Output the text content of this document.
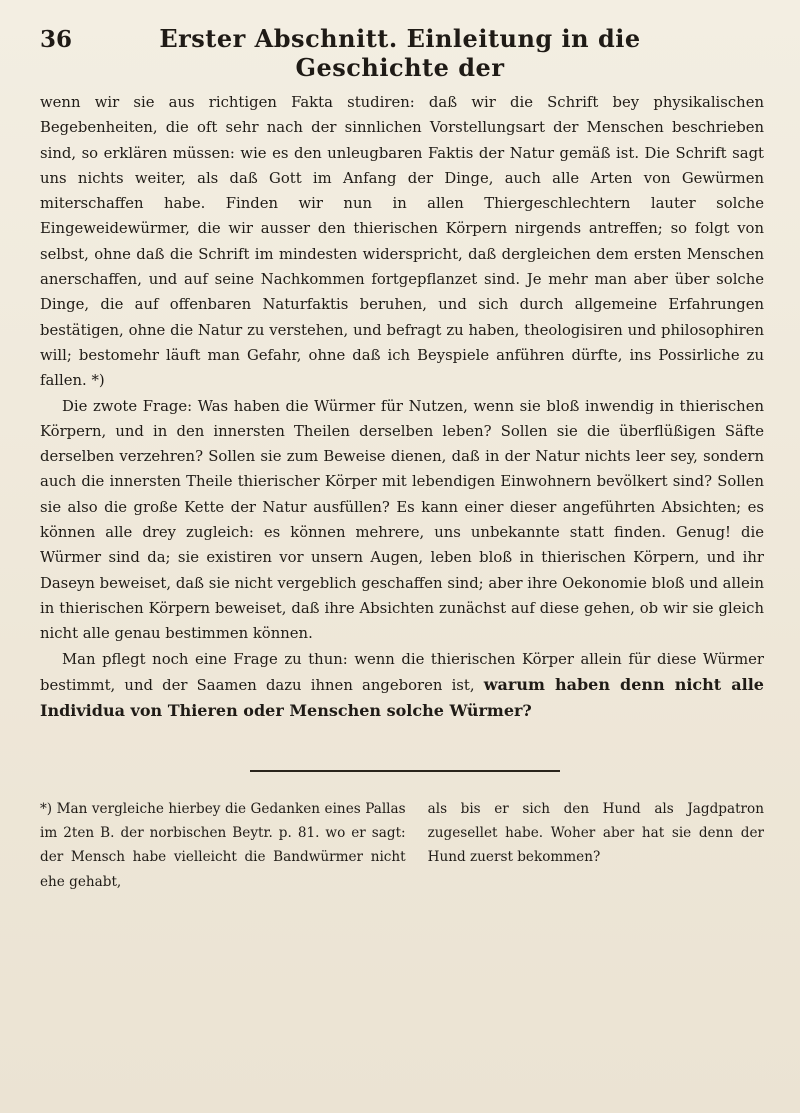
36	Erster Abschnitt. Einleitung in die Geschichte der

wenn wir sie aus richtigen Fakta studiren: daß wir die Schrift bey physikalischen Begebenheiten, die oft sehr nach der sinnlichen Vorstellungsart der Menschen beschrieben sind, so erklären müssen: wie es den unleugbaren Faktis der Natur gemäß ist. Die Schrift sagt uns nichts weiter, als daß Gott im Anfang der Dinge, auch alle Arten von Gewürmen miterschaffen habe. Finden wir nun in allen Thiergeschlechtern lauter solche Eingeweidewürmer, die wir ausser den thierischen Körpern nirgends antreffen; so folgt von selbst, ohne daß die Schrift im mindesten widerspricht, daß dergleichen dem ersten Menschen anerschaffen, und auf seine Nachkommen fortgepflanzet sind. Je mehr man aber über solche Dinge, die auf offenbaren Naturfaktis beruhen, und sich durch allgemeine Erfahrungen bestätigen, ohne die Natur zu verstehen, und befragt zu haben, theologisiren und philosophiren will; bestomehr läuft man Gefahr, ohne daß ich Beyspiele anführen dürfte, ins Possirliche zu fallen. *)

Die zwote Frage: Was haben die Würmer für Nutzen, wenn sie bloß inwendig in thierischen Körpern, und in den innersten Theilen derselben leben? Sollen sie die überflüßigen Säfte derselben verzehren? Sollen sie zum Beweise dienen, daß in der Natur nichts leer sey, sondern auch die innersten Theile thierischer Körper mit lebendigen Einwohnern bevölkert sind? Sollen sie also die große Kette der Natur ausfüllen? Es kann einer dieser angeführten Absichten; es können alle drey zugleich: es können mehrere, uns unbekannte statt finden. Genug! die Würmer sind da; sie existiren vor unsern Augen, leben bloß in thierischen Körpern, und ihr Daseyn beweiset, daß sie nicht vergeblich geschaffen sind; aber ihre Oekonomie bloß und allein in thierischen Körpern beweiset, daß ihre Absichten zunächst auf diese gehen, ob wir sie gleich nicht alle genau bestimmen können.

Man pflegt noch eine Frage zu thun: wenn die thierischen Körper allein für diese Würmer bestimmt, und der Saamen dazu ihnen angeboren ist, warum haben denn nicht alle Individua von Thieren oder Menschen solche Würmer?

*) Man vergleiche hierbey die Gedanken eines Pallas im 2ten B. der norbischen Beytr. p. 81. wo er sagt: der Mensch habe vielleicht die Bandwürmer nicht ehe gehabt,
als bis er sich den Hund als Jagdpatron zugesellet habe. Woher aber hat sie denn der Hund zuerst bekommen?
